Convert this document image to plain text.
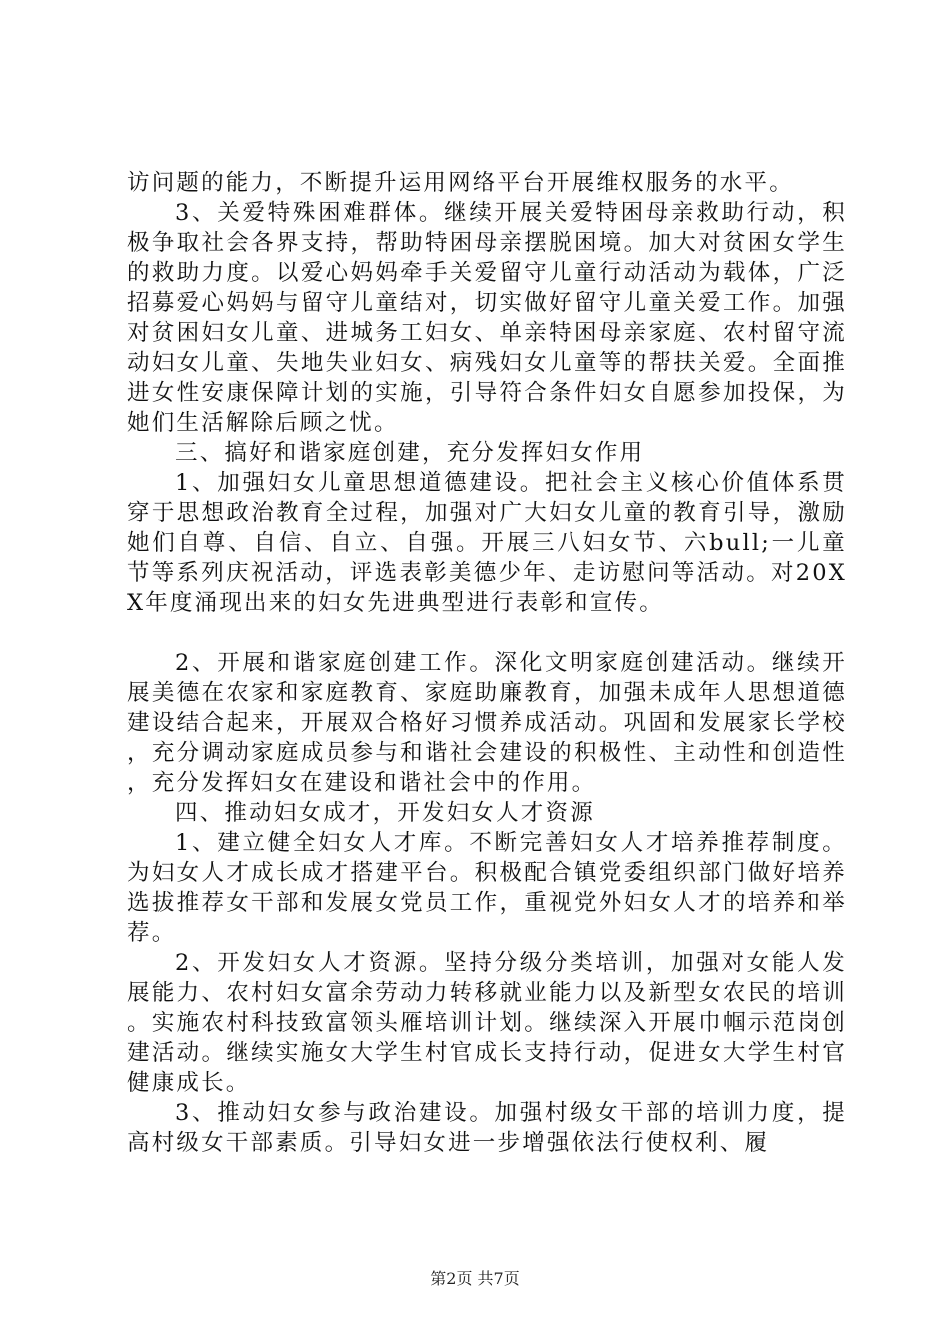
访问题的能力，不断提升运用网络平台开展维权服务的水平。

3、关爱特殊困难群体。继续开展关爱特困母亲救助行动，积极争取社会各界支持，帮助特困母亲摆脱困境。加大对贫困女学生的救助力度。以爱心妈妈牵手关爱留守儿童行动活动为载体，广泛招募爱心妈妈与留守儿童结对，切实做好留守儿童关爱工作。加强对贫困妇女儿童、进城务工妇女、单亲特困母亲家庭、农村留守流动妇女儿童、失地失业妇女、病残妇女儿童等的帮扶关爱。全面推进女性安康保障计划的实施，引导符合条件妇女自愿参加投保，为她们生活解除后顾之忧。

三、搞好和谐家庭创建，充分发挥妇女作用

1、加强妇女儿童思想道德建设。把社会主义核心价值体系贯穿于思想政治教育全过程，加强对广大妇女儿童的教育引导，激励她们自尊、自信、自立、自强。开展三八妇女节、六bull;一儿童节等系列庆祝活动，评选表彰美德少年、走访慰问等活动。对20XX年度涌现出来的妇女先进典型进行表彰和宣传。

2、开展和谐家庭创建工作。深化文明家庭创建活动。继续开展美德在农家和家庭教育、家庭助廉教育，加强未成年人思想道德建设结合起来，开展双合格好习惯养成活动。巩固和发展家长学校，充分调动家庭成员参与和谐社会建设的积极性、主动性和创造性，充分发挥妇女在建设和谐社会中的作用。

四、推动妇女成才，开发妇女人才资源

1、建立健全妇女人才库。不断完善妇女人才培养推荐制度。为妇女人才成长成才搭建平台。积极配合镇党委组织部门做好培养选拔推荐女干部和发展女党员工作，重视党外妇女人才的培养和举荐。

2、开发妇女人才资源。坚持分级分类培训，加强对女能人发展能力、农村妇女富余劳动力转移就业能力以及新型女农民的培训。实施农村科技致富领头雁培训计划。继续深入开展巾帼示范岗创建活动。继续实施女大学生村官成长支持行动，促进女大学生村官健康成长。

3、推动妇女参与政治建设。加强村级女干部的培训力度，提高村级女干部素质。引导妇女进一步增强依法行使权利、履

第2页 共7页
